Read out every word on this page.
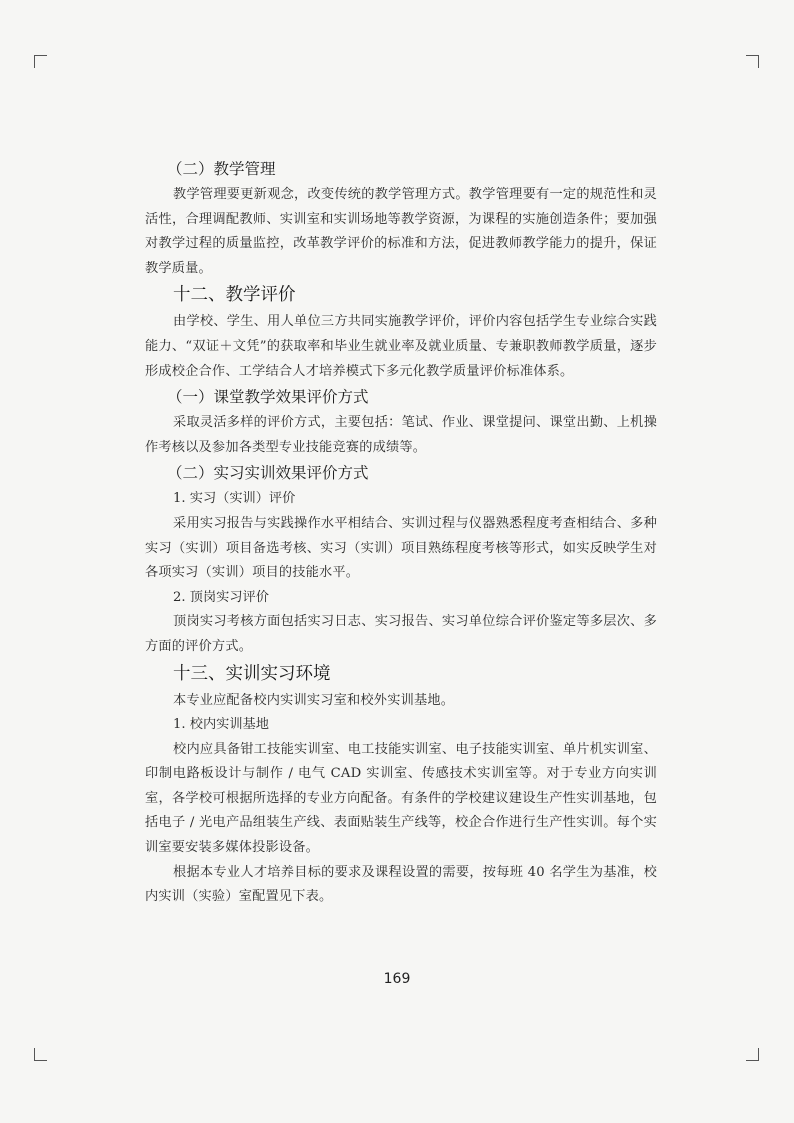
（二）教学管理

教学管理要更新观念，改变传统的教学管理方式。教学管理要有一定的规范性和灵活性，合理调配教师、实训室和实训场地等教学资源，为课程的实施创造条件；要加强对教学过程的质量监控，改革教学评价的标准和方法，促进教师教学能力的提升，保证教学质量。

十二、教学评价

由学校、学生、用人单位三方共同实施教学评价，评价内容包括学生专业综合实践能力、“双证＋文凭”的获取率和毕业生就业率及就业质量、专兼职教师教学质量，逐步形成校企合作、工学结合人才培养模式下多元化教学质量评价标准体系。

（一）课堂教学效果评价方式

采取灵活多样的评价方式，主要包括：笔试、作业、课堂提问、课堂出勤、上机操作考核以及参加各类型专业技能竞赛的成绩等。

（二）实习实训效果评价方式
1. 实习（实训）评价

采用实习报告与实践操作水平相结合、实训过程与仪器熟悉程度考查相结合、多种实习（实训）项目备选考核、实习（实训）项目熟练程度考核等形式，如实反映学生对各项实习（实训）项目的技能水平。

2. 顶岗实习评价

顶岗实习考核方面包括实习日志、实习报告、实习单位综合评价鉴定等多层次、多方面的评价方式。

十三、实训实习环境

本专业应配备校内实训实习室和校外实训基地。

1. 校内实训基地

校内应具备钳工技能实训室、电工技能实训室、电子技能实训室、单片机实训室、印制电路板设计与制作 / 电气 CAD 实训室、传感技术实训室等。对于专业方向实训室，各学校可根据所选择的专业方向配备。有条件的学校建议建设生产性实训基地，包括电子 / 光电产品组装生产线、表面贴装生产线等，校企合作进行生产性实训。每个实训室要安装多媒体投影设备。

根据本专业人才培养目标的要求及课程设置的需要，按每班 40 名学生为基准，校内实训（实验）室配置见下表。

169
